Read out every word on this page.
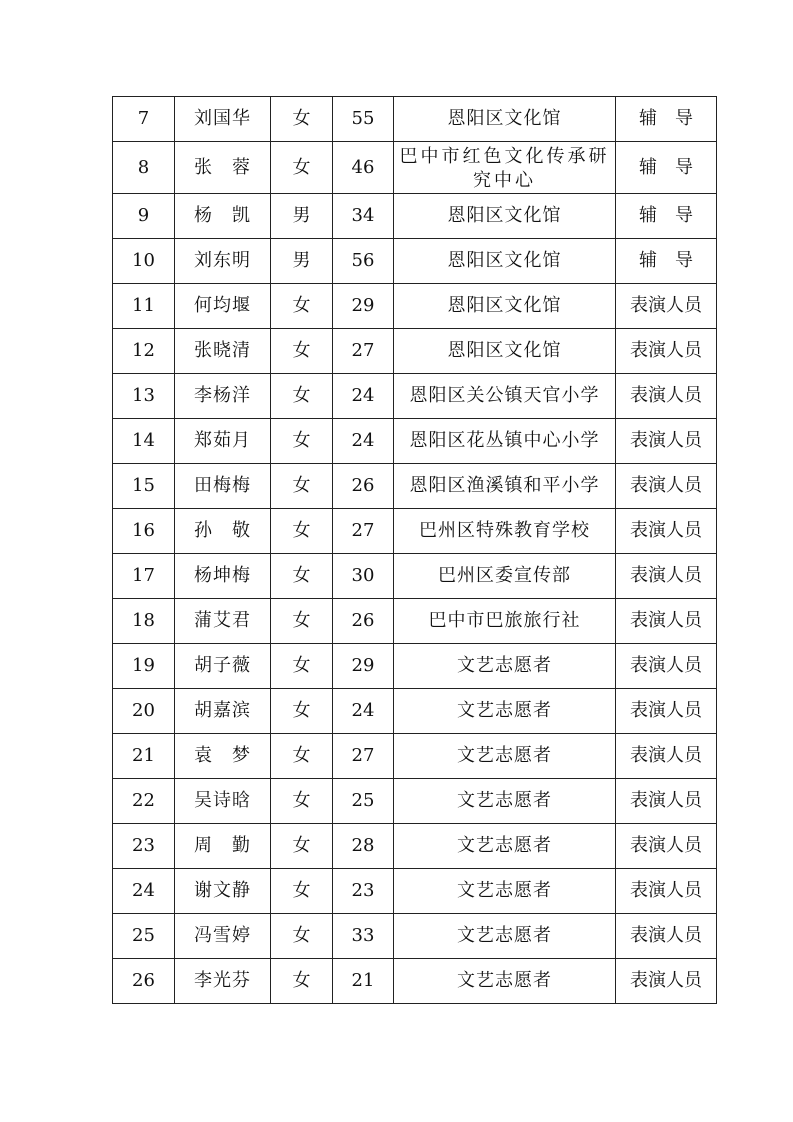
7	刘国华	女	55	恩阳区文化馆	辅　导
8	张　蓉	女	46	巴中市红色文化传承研究中心	辅　导
9	杨　凯	男	34	恩阳区文化馆	辅　导
10	刘东明	男	56	恩阳区文化馆	辅　导
11	何均堰	女	29	恩阳区文化馆	表演人员
12	张晓清	女	27	恩阳区文化馆	表演人员
13	李杨洋	女	24	恩阳区关公镇天官小学	表演人员
14	郑茹月	女	24	恩阳区花丛镇中心小学	表演人员
15	田梅梅	女	26	恩阳区渔溪镇和平小学	表演人员
16	孙　敬	女	27	巴州区特殊教育学校	表演人员
17	杨坤梅	女	30	巴州区委宣传部	表演人员
18	蒲艾君	女	26	巴中市巴旅旅行社	表演人员
19	胡子薇	女	29	文艺志愿者	表演人员
20	胡嘉滨	女	24	文艺志愿者	表演人员
21	袁　梦	女	27	文艺志愿者	表演人员
22	吴诗晗	女	25	文艺志愿者	表演人员
23	周　勤	女	28	文艺志愿者	表演人员
24	谢文静	女	23	文艺志愿者	表演人员
25	冯雪婷	女	33	文艺志愿者	表演人员
26	李光芬	女	21	文艺志愿者	表演人员
